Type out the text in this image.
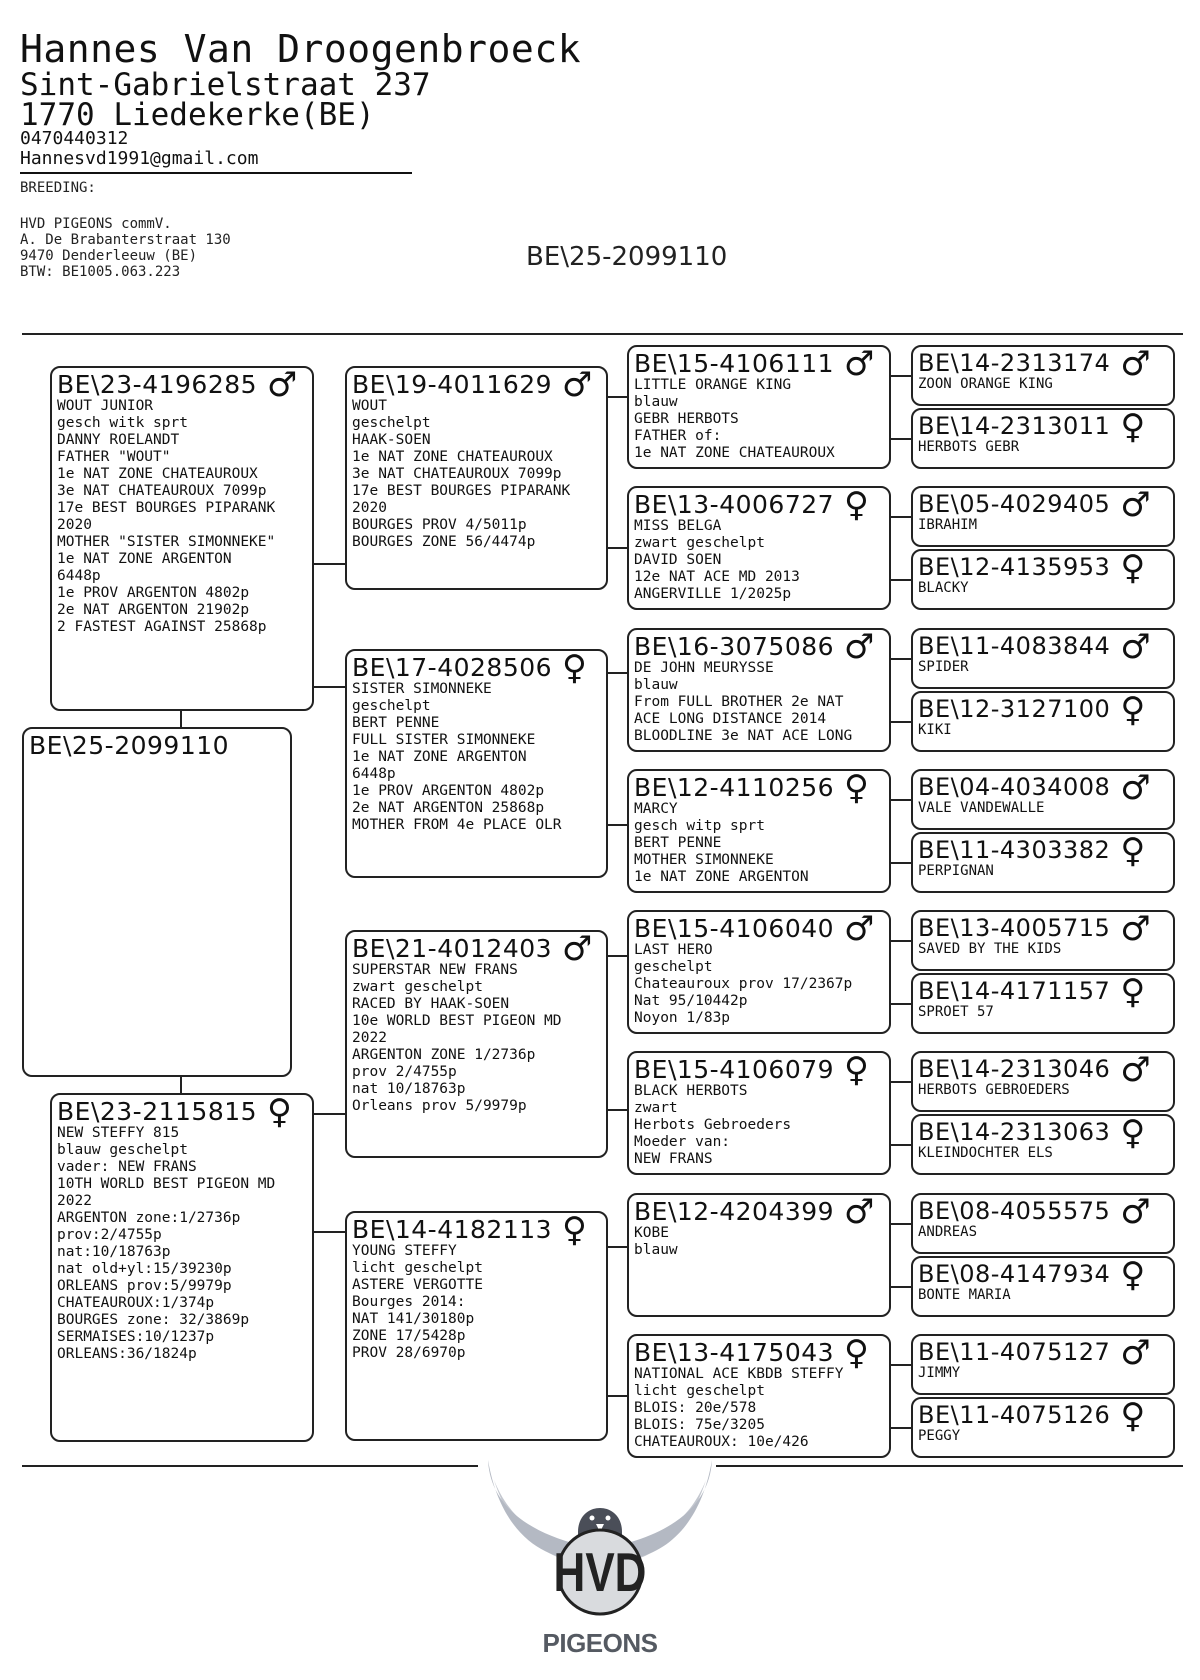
Hannes Van Droogenbroeck
Sint-Gabrielstraat 237
1770 Liedekerke(BE)
0470440312
Hannesvd1991@gmail.com
BREEDING:
HVD PIGEONS commV.
A. De Brabanterstraat 130
9470 Denderleeuw (BE)
BTW: BE1005.063.223	BE\25-2099110
BE\25-2099110
BE\23-4196285 ♂
WOUT JUNIOR
gesch witk sprt
DANNY ROELANDT
FATHER "WOUT"
1e NAT ZONE CHATEAUROUX
3e NAT CHATEAUROUX 7099p
17e BEST BOURGES PIPARANK
2020
MOTHER "SISTER SIMONNEKE"
1e NAT ZONE ARGENTON
6448p
1e PROV ARGENTON 4802p
2e NAT ARGENTON 21902p
2 FASTEST AGAINST 25868p
BE\23-2115815 ♀
NEW STEFFY 815
blauw geschelpt
vader: NEW FRANS
10TH WORLD BEST PIGEON MD
2022
ARGENTON zone:1/2736p
prov:2/4755p
nat:10/18763p
nat old+yl:15/39230p
ORLEANS prov:5/9979p
CHATEAUROUX:1/374p
BOURGES zone: 32/3869p
SERMAISES:10/1237p
ORLEANS:36/1824p
BE\19-4011629 ♂
WOUT
geschelpt
HAAK-SOEN
1e NAT ZONE CHATEAUROUX
3e NAT CHATEAUROUX 7099p
17e BEST BOURGES PIPARANK
2020
BOURGES PROV 4/5011p
BOURGES ZONE 56/4474p
BE\17-4028506 ♀
SISTER SIMONNEKE
geschelpt
BERT PENNE
FULL SISTER SIMONNEKE
1e NAT ZONE ARGENTON
6448p
1e PROV ARGENTON 4802p
2e NAT ARGENTON 25868p
MOTHER FROM 4e PLACE OLR
BE\21-4012403 ♂
SUPERSTAR NEW FRANS
zwart geschelpt
RACED BY HAAK-SOEN
10e WORLD BEST PIGEON MD
2022
ARGENTON ZONE 1/2736p
prov 2/4755p
nat 10/18763p
Orleans prov 5/9979p
BE\14-4182113 ♀
YOUNG STEFFY
licht geschelpt
ASTERE VERGOTTE
Bourges 2014:
NAT 141/30180p
ZONE 17/5428p
PROV 28/6970p
BE\15-4106111 ♂
LITTLE ORANGE KING
blauw
GEBR HERBOTS
FATHER of:
1e NAT ZONE CHATEAUROUX
BE\13-4006727 ♀
MISS BELGA
zwart geschelpt
DAVID SOEN
12e NAT ACE MD 2013
ANGERVILLE 1/2025p
BE\16-3075086 ♂
DE JOHN MEURYSSE
blauw
From FULL BROTHER 2e NAT
ACE LONG DISTANCE 2014
BLOODLINE 3e NAT ACE LONG
BE\12-4110256 ♀
MARCY
gesch witp sprt
BERT PENNE
MOTHER SIMONNEKE
1e NAT ZONE ARGENTON
BE\15-4106040 ♂
LAST HERO
geschelpt
Chateauroux prov 17/2367p
Nat 95/10442p
Noyon 1/83p
BE\15-4106079 ♀
BLACK HERBOTS
zwart
Herbots Gebroeders
Moeder van:
NEW FRANS
BE\12-4204399 ♂
KOBE
blauw
BE\13-4175043 ♀
NATIONAL ACE KBDB STEFFY
licht geschelpt
BLOIS: 20e/578
BLOIS: 75e/3205
CHATEAUROUX: 10e/426
BE\14-2313174 ♂
ZOON ORANGE KING
BE\14-2313011 ♀
HERBOTS GEBR
BE\05-4029405 ♂
IBRAHIM
BE\12-4135953 ♀
BLACKY
BE\11-4083844 ♂
SPIDER
BE\12-3127100 ♀
KIKI
BE\04-4034008 ♂
VALE VANDEWALLE
BE\11-4303382 ♀
PERPIGNAN
BE\13-4005715 ♂
SAVED BY THE KIDS
BE\14-4171157 ♀
SPROET 57
BE\14-2313046 ♂
HERBOTS GEBROEDERS
BE\14-2313063 ♀
KLEINDOCHTER ELS
BE\08-4055575 ♂
ANDREAS
BE\08-4147934 ♀
BONTE MARIA
BE\11-4075127 ♂
JIMMY
BE\11-4075126 ♀
PEGGY
HVD
PIGEONS
